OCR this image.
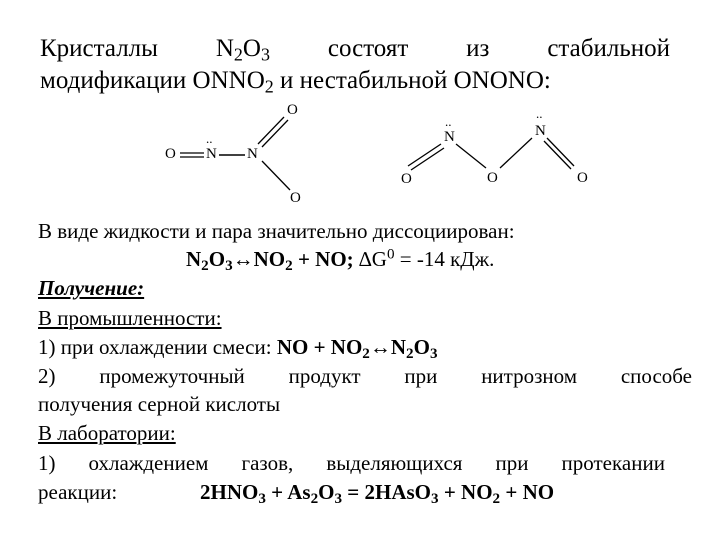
Кристаллы $N_2O_3$ состоят из стабильной
модификации $ONNO_2$ и нестабильной ONONO:
O
..
N N
O
O
..
N
O	O
..
N
O
В виде жидкости и пара значительно диссоциирован:
$N_2O_3\leftrightarrow NO_2$ + NO; $\Delta G^0 = -14$ кДж.
Получение:
В промышленности:
1) при охлаждении смеси: NO + $NO_2\leftrightarrow N_2O_3$
2) промежуточный продукт при нитрозном способе
получения серной кислоты
В лаборатории:
1) охлаждением газов, выделяющихся при протекании
реакции:	$2HNO_3 + As_2O_3$ = 2HAsO$_3$ + $NO_2$ + NO
